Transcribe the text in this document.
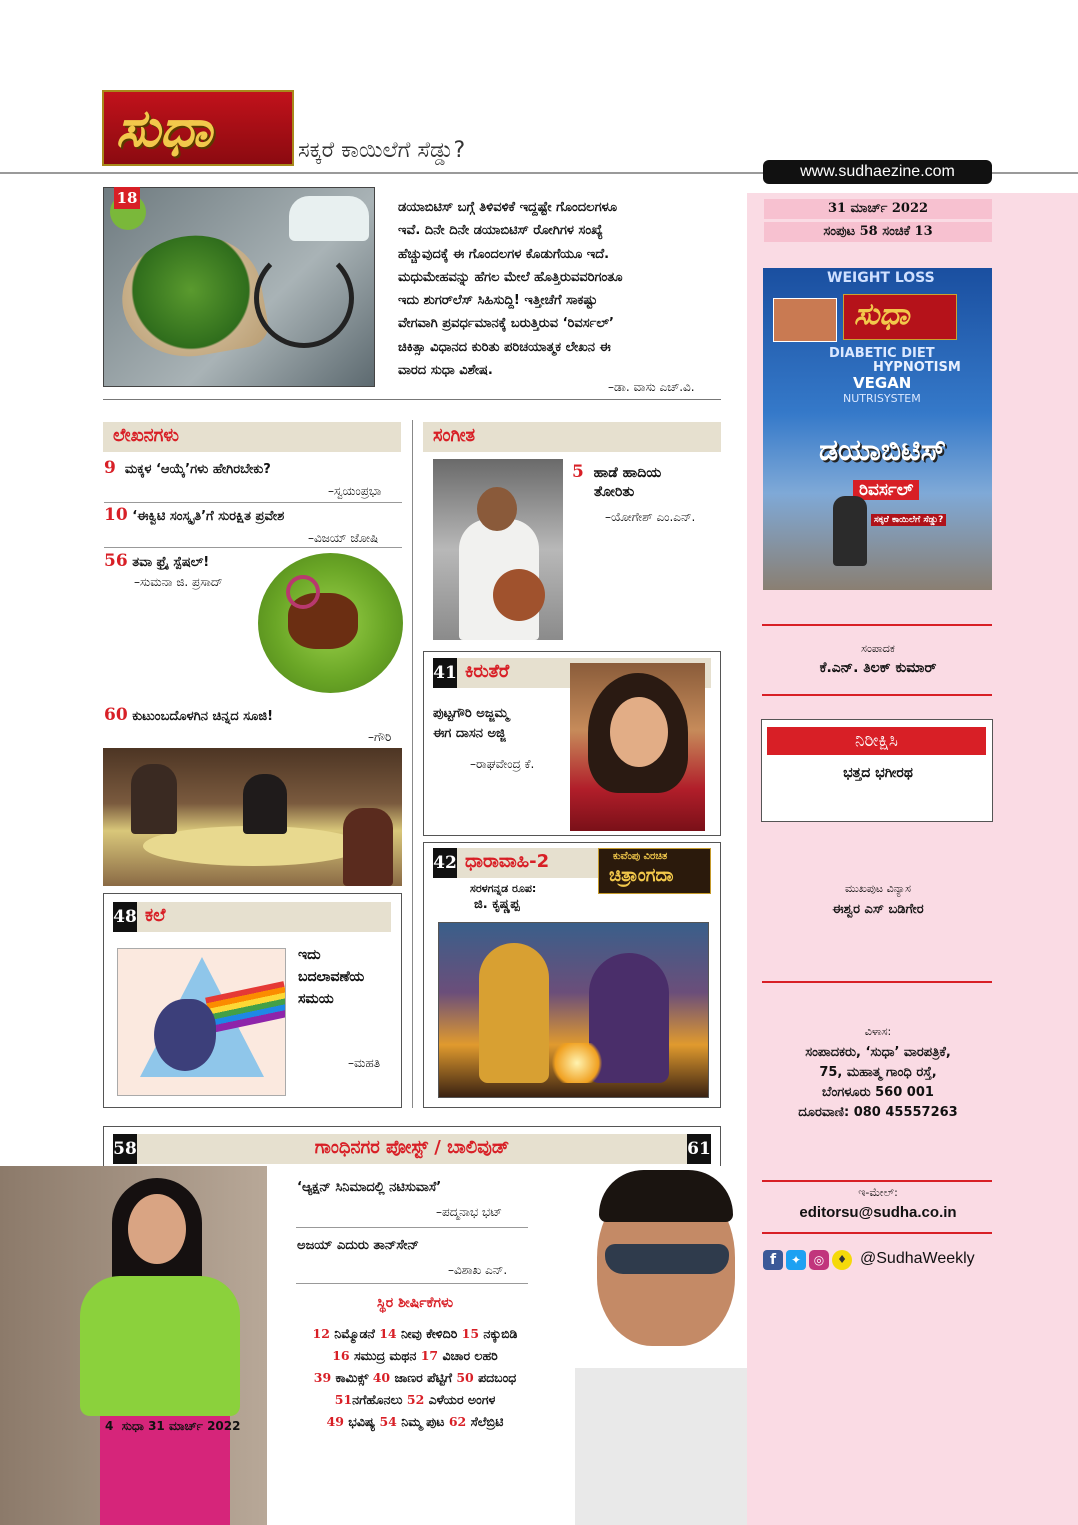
ಸುಧಾ	ಸಕ್ಕರೆ ಕಾಯಿಲೆಗೆ ಸೆಡ್ಡು?
www.sudhaezine.com
31 ಮಾರ್ಚ್ 2022
ಸಂಪುಟ 58 ಸಂಚಿಕೆ 13
WEIGHT LOSS
ಸುಧಾ
DIABETIC DIET
HYPNOTISM
VEGAN
NUTRISYSTEM
ಡಯಾಬಿಟಿಸ್
ರಿವರ್ಸಲ್
ಸಕ್ಕರೆ ಕಾಯಿಲೆಗೆ ಸೆಡ್ಡು?
ಸಂಪಾದಕ
ಕೆ.ಎನ್. ತಿಲಕ್ ಕುಮಾರ್
ನಿರೀಕ್ಷಿಸಿ
ಭತ್ತದ ಭಗೀರಥ
ಮುಖಪುಟ ವಿನ್ಯಾಸ
ಈಶ್ವರ ಎಸ್ ಬಡಿಗೇರ
ವಿಳಾಸ:
ಸಂಪಾದಕರು, ‘ಸುಧಾ’ ವಾರಪತ್ರಿಕೆ,
75, ಮಹಾತ್ಮ ಗಾಂಧಿ ರಸ್ತೆ,
ಬೆಂಗಳೂರು 560 001
ದೂರವಾಣಿ: 080 45557263
ಇ-ಮೇಲ್:
editorsu@sudha.co.in
f	✦	◎	♦ @SudhaWeekly
18
ಡಯಾಬಿಟಿಸ್ ಬಗ್ಗೆ ತಿಳಿವಳಿಕೆ ಇದ್ದಷ್ಟೇ ಗೊಂದಲಗಳೂ
ಇವೆ. ದಿನೇ ದಿನೇ ಡಯಾಬಿಟಿಸ್ ರೋಗಿಗಳ ಸಂಖ್ಯೆ
ಹೆಚ್ಚುವುದಕ್ಕೆ ಈ ಗೊಂದಲಗಳ ಕೊಡುಗೆಯೂ ಇದೆ.
ಮಧುಮೇಹವನ್ನು ಹೆಗಲ ಮೇಲೆ ಹೊತ್ತಿರುವವರಿಗಂತೂ
ಇದು ಶುಗರ್‌ಲೆಸ್ ಸಿಹಿಸುದ್ದಿ! ಇತ್ತೀಚೆಗೆ ಸಾಕಷ್ಟು
ವೇಗವಾಗಿ ಪ್ರವರ್ಧಮಾನಕ್ಕೆ ಬರುತ್ತಿರುವ ‘ರಿವರ್ಸಲ್’
ಚಿಕಿತ್ಸಾ ವಿಧಾನದ ಕುರಿತು ಪರಿಚಯಾತ್ಮಕ ಲೇಖನ ಈ
ವಾರದ ಸುಧಾ ವಿಶೇಷ.
–ಡಾ. ವಾಸು ಎಚ್.ವಿ.
ಲೇಖನಗಳು
9 ಮಕ್ಕಳ ‘ಆಯ್ಕೆ’ಗಳು ಹೇಗಿರಬೇಕು?
–ಸ್ವಯಂಪ್ರಭಾ
10 ‘ಈಕ್ವಿಟಿ ಸಂಸ್ಕೃತಿ’ಗೆ ಸುರಕ್ಷಿತ ಪ್ರವೇಶ
–ವಿಜಯ್ ಜೋಷಿ
56 ತವಾ ಫ್ರೈ ಸ್ಪೆಷಲ್!
–ಸುಮನಾ ಜಿ. ಪ್ರಸಾದ್
60 ಕುಟುಂಬದೊಳಗಿನ ಚಿನ್ನದ ಸೂಜಿ!
–ಗೌರಿ
48 ಕಲೆ
ಇದು
ಬದಲಾವಣೆಯ
ಸಮಯ
–ಮಹತಿ
ಸಂಗೀತ
5 ಹಾಡೆ ಹಾದಿಯ
ತೋರಿತು
–ಯೋಗೇಶ್ ಎಂ.ಎನ್.
41 ಕಿರುತೆರೆ
ಪುಟ್ಟಗೌರಿ ಅಜ್ಜಮ್ಮ
ಈಗ ದಾಸನ ಅಜ್ಜಿ
–ರಾಘವೇಂದ್ರ ಕೆ.
42 ಧಾರಾವಾಹಿ-2	ಕುವೆಂಪು ವಿರಚಿತ
ಚಿತ್ರಾಂಗದಾ
ಸರಳಗನ್ನಡ ರೂಪ:
ಜಿ. ಕೃಷ್ಣಪ್ಪ
58	ಗಾಂಧಿನಗರ ಪೋಸ್ಟ್ / ಬಾಲಿವುಡ್	61
4 ಸುಧಾ 31 ಮಾರ್ಚ್ 2022
‘ಆ್ಯಕ್ಷನ್ ಸಿನಿಮಾದಲ್ಲಿ ನಟಿಸುವಾಸೆ’
–ಪದ್ಮನಾಭ ಭಟ್
ಅಜಯ್ ಎದುರು ತಾನ್‌ಸೇನ್
–ವಿಶಾಖ ಎನ್.
ಸ್ಥಿರ ಶೀರ್ಷಿಕೆಗಳು
12 ನಿಮ್ಮೊಡನೆ 14 ನೀವು ಕೇಳಿದಿರಿ 15 ನಕ್ಕುಬಿಡಿ
16 ಸಮುದ್ರ ಮಥನ 17 ವಿಚಾರ ಲಹರಿ
39 ಕಾಮಿಕ್ಸ್ 40 ಜಾಣರ ಪೆಟ್ಟಿಗೆ 50 ಪದಬಂಧ
51ನಗೆಹೊನಲು 52 ಎಳೆಯರ ಅಂಗಳ
49 ಭವಿಷ್ಯ 54 ನಿಮ್ಮ ಪುಟ 62 ಸೆಲೆಬ್ರಿಟಿ
